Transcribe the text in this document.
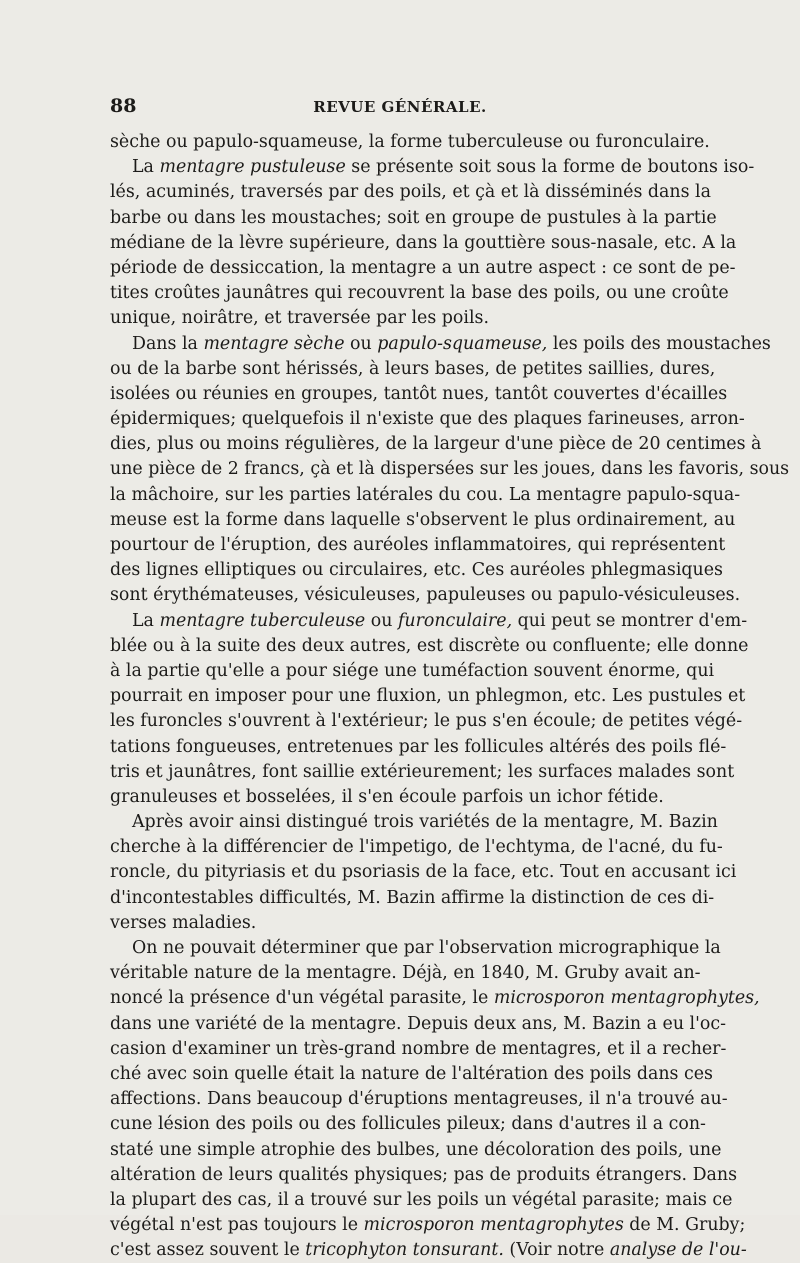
88	REVUE GÉNÉRALE.
sèche ou papulo-squameuse, la forme tuberculeuse ou furonculaire.
La mentagre pustuleuse se présente soit sous la forme de boutons iso-
lés, acuminés, traversés par des poils, et çà et là disséminés dans la
barbe ou dans les moustaches; soit en groupe de pustules à la partie
médiane de la lèvre supérieure, dans la gouttière sous-nasale, etc. A la
période de dessiccation, la mentagre a un autre aspect : ce sont de pe-
tites croûtes jaunâtres qui recouvrent la base des poils, ou une croûte
unique, noirâtre, et traversée par les poils.
Dans la mentagre sèche ou papulo-squameuse, les poils des moustaches
ou de la barbe sont hérissés, à leurs bases, de petites saillies, dures,
isolées ou réunies en groupes, tantôt nues, tantôt couvertes d'écailles
épidermiques; quelquefois il n'existe que des plaques farineuses, arron-
dies, plus ou moins régulières, de la largeur d'une pièce de 20 centimes à
une pièce de 2 francs, çà et là dispersées sur les joues, dans les favoris, sous
la mâchoire, sur les parties latérales du cou. La mentagre papulo-squa-
meuse est la forme dans laquelle s'observent le plus ordinairement, au
pourtour de l'éruption, des auréoles inflammatoires, qui représentent
des lignes elliptiques ou circulaires, etc. Ces auréoles phlegmasiques
sont érythémateuses, vésiculeuses, papuleuses ou papulo-vésiculeuses.
La mentagre tuberculeuse ou furonculaire, qui peut se montrer d'em-
blée ou à la suite des deux autres, est discrète ou confluente; elle donne
à la partie qu'elle a pour siége une tuméfaction souvent énorme, qui
pourrait en imposer pour une fluxion, un phlegmon, etc. Les pustules et
les furoncles s'ouvrent à l'extérieur; le pus s'en écoule; de petites végé-
tations fongueuses, entretenues par les follicules altérés des poils flé-
tris et jaunâtres, font saillie extérieurement; les surfaces malades sont
granuleuses et bosselées, il s'en écoule parfois un ichor fétide.
Après avoir ainsi distingué trois variétés de la mentagre, M. Bazin
cherche à la différencier de l'impetigo, de l'echtyma, de l'acné, du fu-
roncle, du pityriasis et du psoriasis de la face, etc. Tout en accusant ici
d'incontestables difficultés, M. Bazin affirme la distinction de ces di-
verses maladies.
On ne pouvait déterminer que par l'observation micrographique la
véritable nature de la mentagre. Déjà, en 1840, M. Gruby avait an-
noncé la présence d'un végétal parasite, le microsporon mentagrophytes,
dans une variété de la mentagre. Depuis deux ans, M. Bazin a eu l'oc-
casion d'examiner un très-grand nombre de mentagres, et il a recher-
ché avec soin quelle était la nature de l'altération des poils dans ces
affections. Dans beaucoup d'éruptions mentagreuses, il n'a trouvé au-
cune lésion des poils ou des follicules pileux; dans d'autres il a con-
staté une simple atrophie des bulbes, une décoloration des poils, une
altération de leurs qualités physiques; pas de produits étrangers. Dans
la plupart des cas, il a trouvé sur les poils un végétal parasite; mais ce
végétal n'est pas toujours le microsporon mentagrophytes de M. Gruby;
c'est assez souvent le tricophyton tonsurant. (Voir notre analyse de l'ou-
